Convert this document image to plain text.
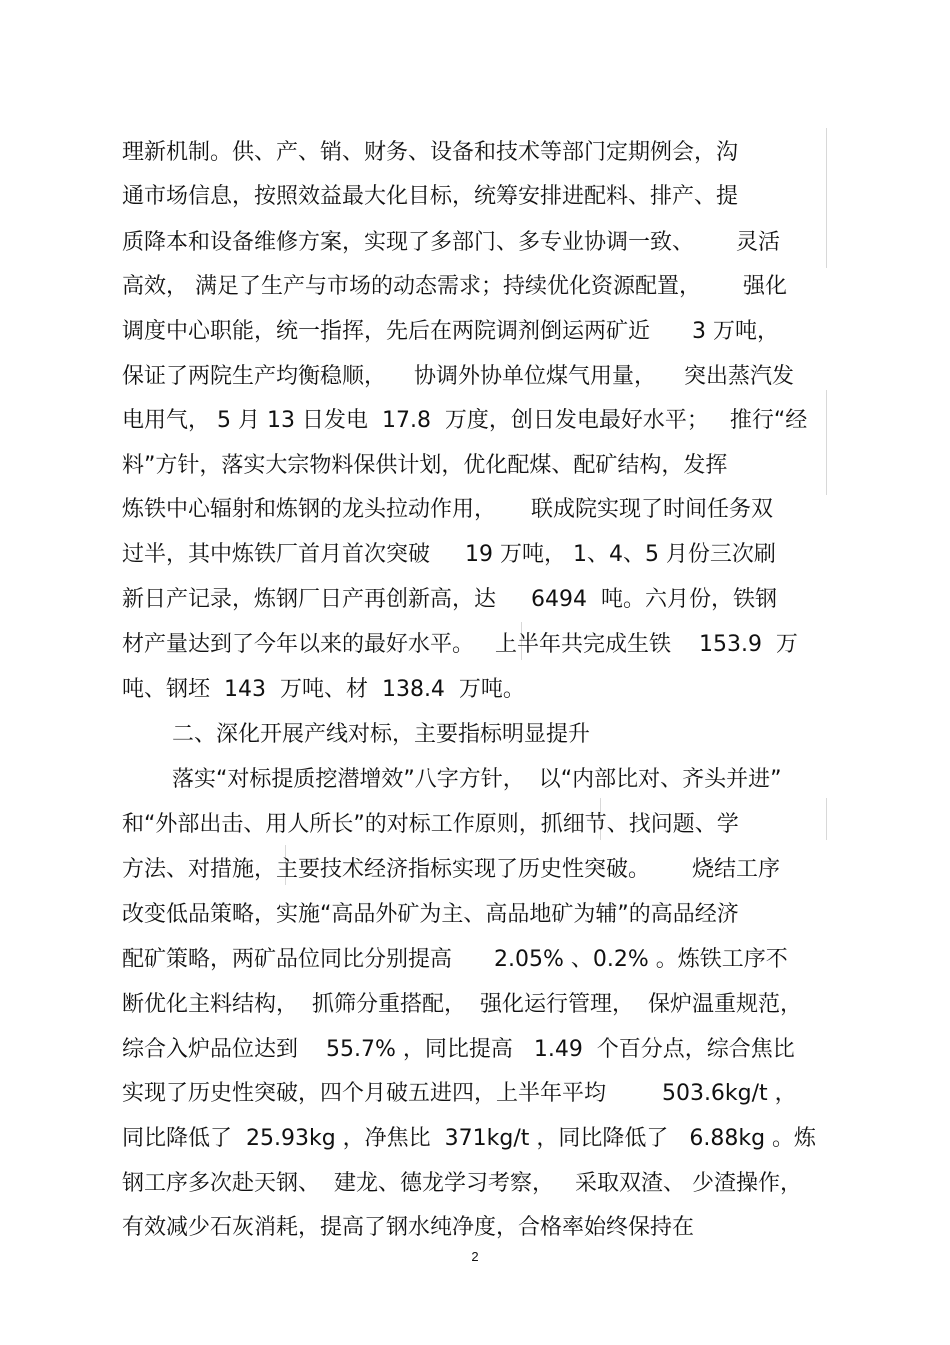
理新机制。供、产、销、财务、设备和技术等部门定期例会，沟
通市场信息，按照效益最大化目标，统筹安排进配料、排产、提
质降本和设备维修方案，实现了多部门、多专业协调一致、      灵活
高效， 满足了生产与市场的动态需求；持续优化资源配置，      强化
调度中心职能，统一指挥，先后在两院调剂倒运两矿近      3 万吨，
保证了两院生产均衡稳顺，    协调外协单位煤气用量，    突出蒸汽发
电用气， 5 月 13 日发电  17.8  万度，创日发电最好水平；   推行“经
料”方针，落实大宗物料保供计划，优化配煤、配矿结构，发挥
炼铁中心辐射和炼钢的龙头拉动作用，     联成院实现了时间任务双
过半，其中炼铁厂首月首次突破     19 万吨， 1、4、5 月份三次刷
新日产记录，炼钢厂日产再创新高，达     6494  吨。六月份，铁钢
材产量达到了今年以来的最好水平。   上半年共完成生铁    153.9  万
吨、钢坯  143  万吨、材  138.4  万吨。
二、深化开展产线对标，主要指标明显提升
落实“对标提质挖潜增效”八字方针，  以“内部比对、齐头并进”
和“外部出击、用人所长”的对标工作原则，抓细节、找问题、学
方法、对措施，主要技术经济指标实现了历史性突破。      烧结工序
改变低品策略，实施“高品外矿为主、高品地矿为辅”的高品经济
配矿策略，两矿品位同比分别提高      2.05% 、0.2% 。炼铁工序不
断优化主料结构，  抓筛分重搭配，  强化运行管理，  保炉温重规范，
综合入炉品位达到    55.7% ，同比提高   1.49  个百分点，综合焦比
实现了历史性突破，四个月破五进四，上半年平均        503.6kg/t ，
同比降低了  25.93kg ，净焦比  371kg/t ，同比降低了   6.88kg 。炼
钢工序多次赴天钢、  建龙、德龙学习考察，   采取双渣、 少渣操作，
有效减少石灰消耗，提高了钢水纯净度，合格率始终保持在
2
